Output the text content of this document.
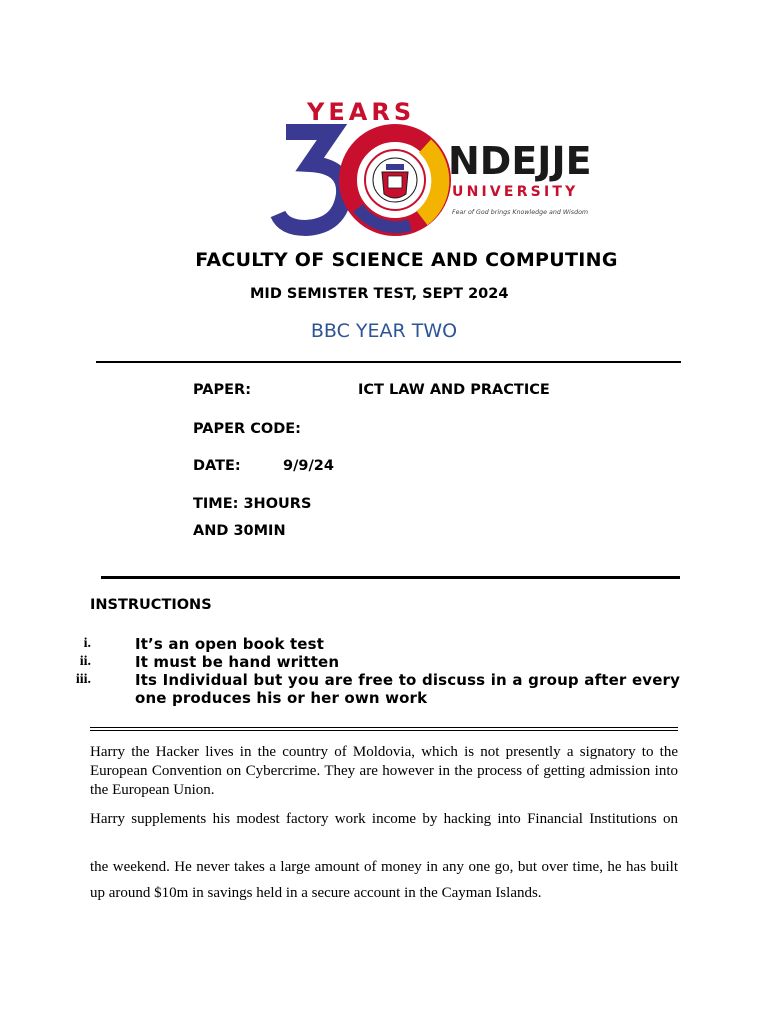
YEARS
NDEJJE
UNIVERSITY
Fear of God brings Knowledge and Wisdom
FACULTY OF SCIENCE AND COMPUTING
MID SEMISTER TEST, SEPT 2024
BBC YEAR TWO
PAPER:	ICT LAW AND PRACTICE
PAPER CODE:
DATE:	9/9/24
TIME: 3HOURS
AND 30MIN
INSTRUCTIONS
i.	It’s an open book test
ii.	It must be hand written
iii.	Its Individual but you are free to discuss in a group after every one produces his or her own work
Harry the Hacker lives in the country of Moldovia, which is not presently a signatory to the European Convention on Cybercrime. They are however in the process of getting admission into the European Union.
Harry supplements his modest factory work income by hacking into Financial Institutions on
the weekend. He never takes a large amount of money in any one go, but over time, he has built
up around $10m in savings held in a secure account in the Cayman Islands.
